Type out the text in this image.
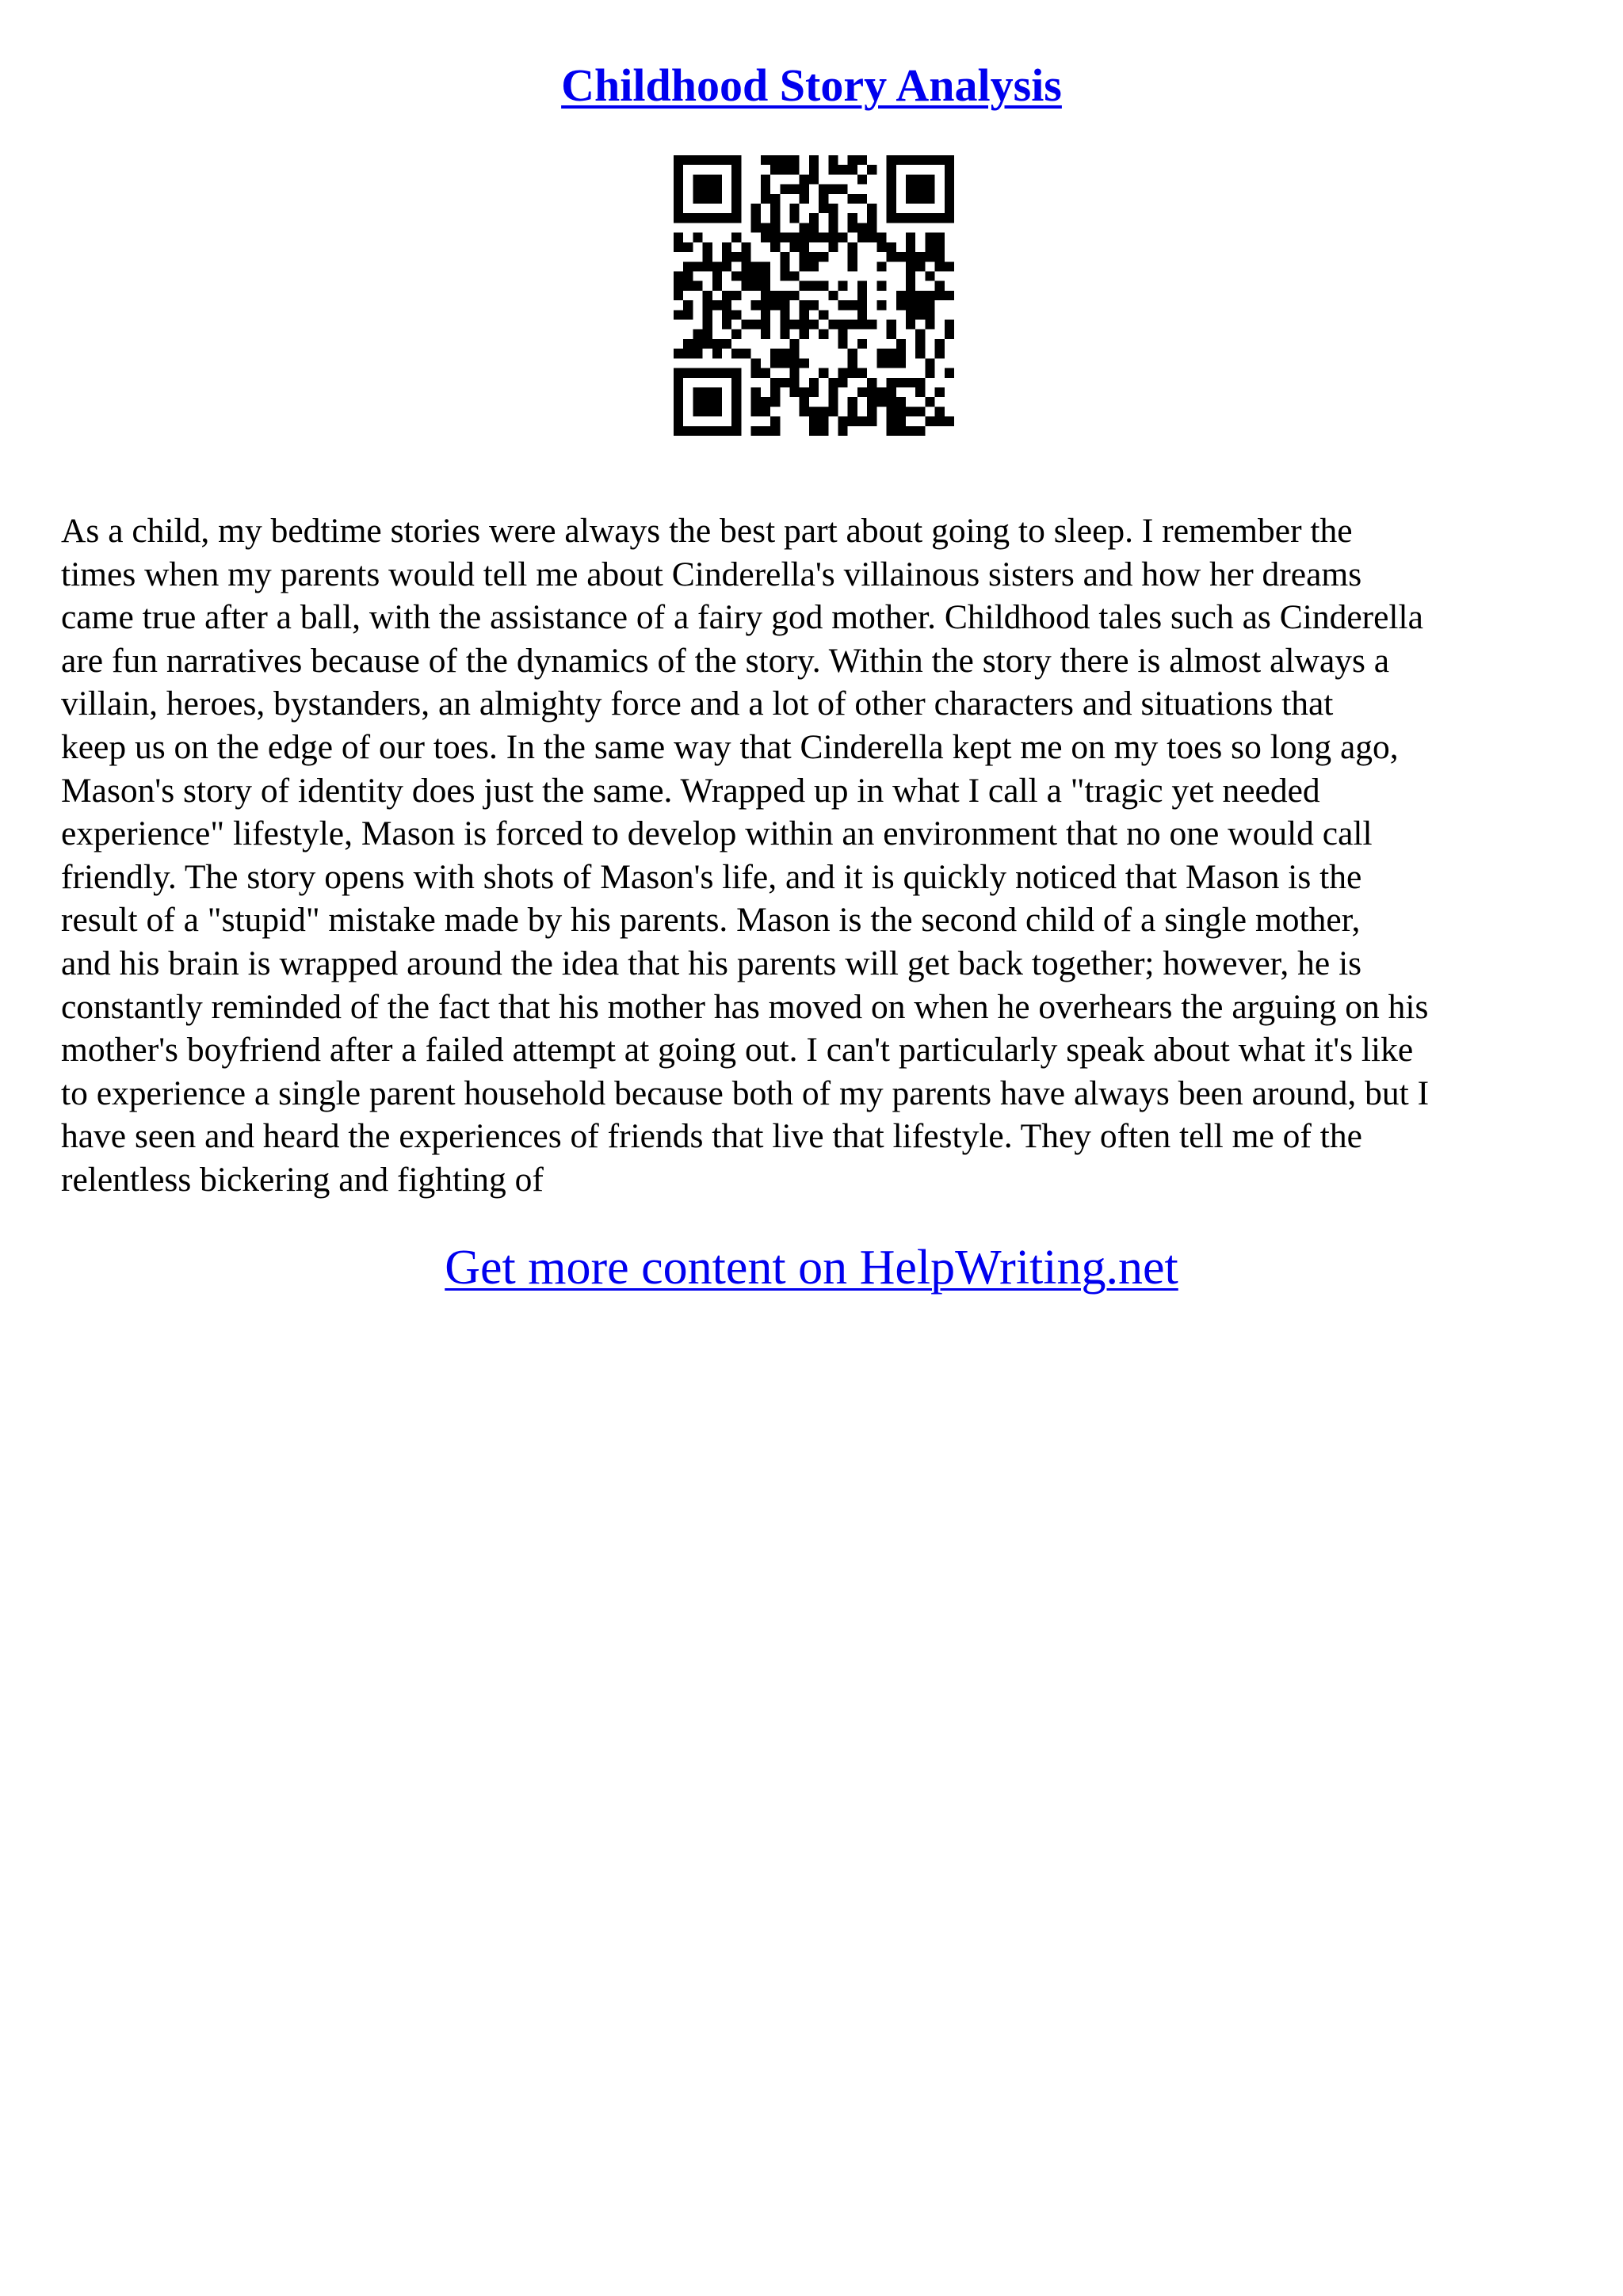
Childhood Story Analysis

As a child, my bedtime stories were always the best part about going to sleep. I remember the
times when my parents would tell me about Cinderella's villainous sisters and how her dreams
came true after a ball, with the assistance of a fairy god mother. Childhood tales such as Cinderella
are fun narratives because of the dynamics of the story. Within the story there is almost always a
villain, heroes, bystanders, an almighty force and a lot of other characters and situations that
keep us on the edge of our toes. In the same way that Cinderella kept me on my toes so long ago,
Mason's story of identity does just the same. Wrapped up in what I call a "tragic yet needed
experience" lifestyle, Mason is forced to develop within an environment that no one would call
friendly. The story opens with shots of Mason's life, and it is quickly noticed that Mason is the
result of a "stupid" mistake made by his parents. Mason is the second child of a single mother,
and his brain is wrapped around the idea that his parents will get back together; however, he is
constantly reminded of the fact that his mother has moved on when he overhears the arguing on his
mother's boyfriend after a failed attempt at going out. I can't particularly speak about what it's like
to experience a single parent household because both of my parents have always been around, but I
have seen and heard the experiences of friends that live that lifestyle. They often tell me of the
relentless bickering and fighting of

Get more content on HelpWriting.net
